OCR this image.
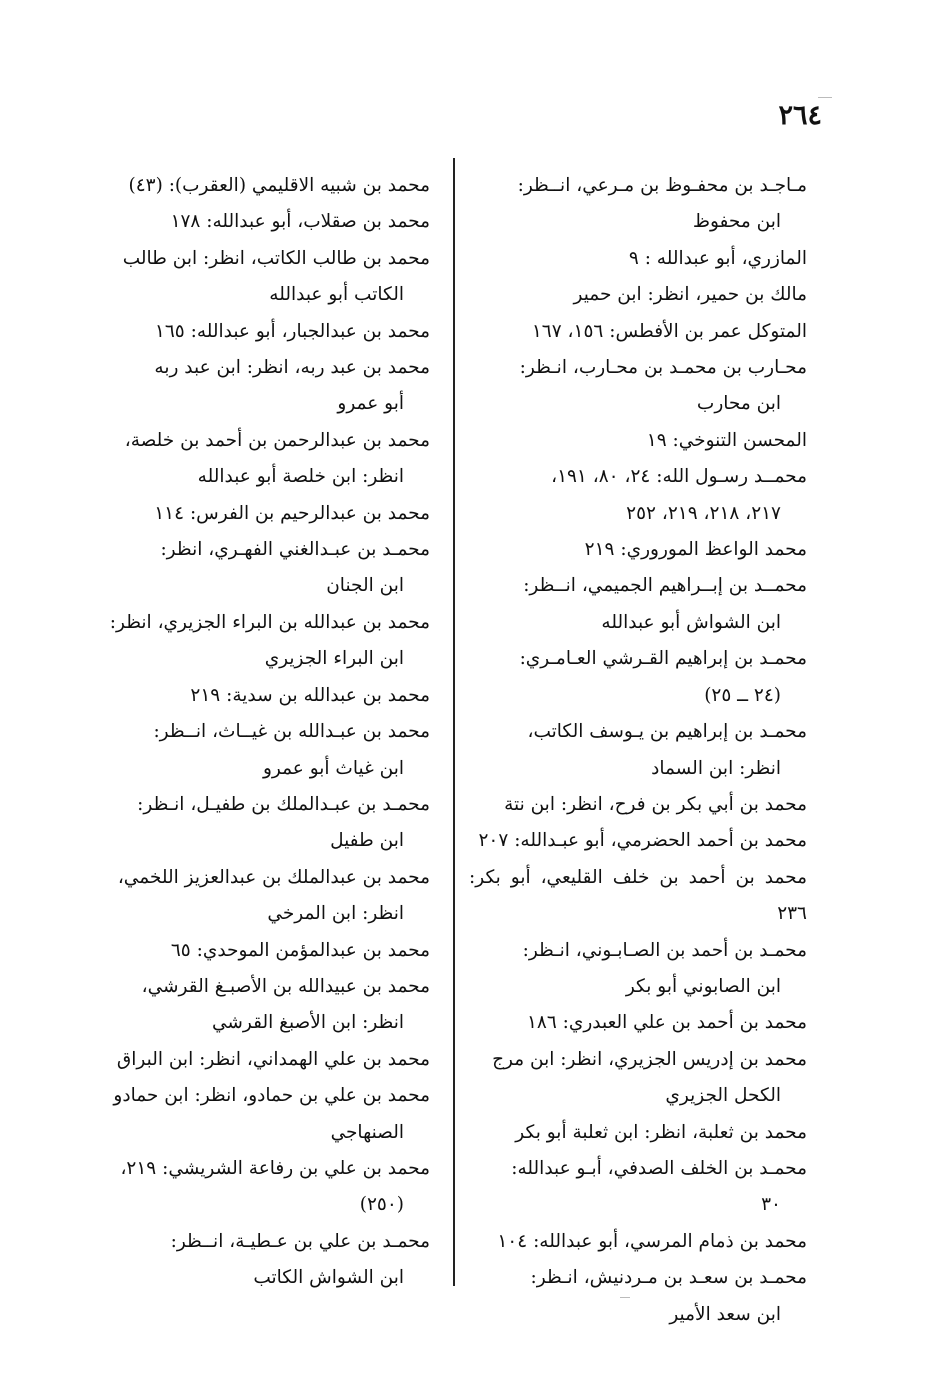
٢٦٤
مـاجـد بن محفـوظ بن مـرعي، انــظر:
ابن محفوظ
المازري، أبو عبدالله : ٩
مالك بن حمير، انظر: ابن حمير
المتوكل عمر بن الأفطس: ١٥٦، ١٦٧
محـارب بن محمـد بن محـارب، انـظر:
ابن محارب
المحسن التنوخي: ١٩
محمــد رسـول الله: ٢٤، ٨٠، ١٩١،
٢١٧، ٢١٨، ٢١٩، ٢٥٢
محمد الواعظ الموروري: ٢١٩
محمــد بن إبــراهيم الجميمي، انــظر:
ابن الشواش أبو عبدالله
محمـد بن إبراهيم القـرشي العـامـري:
(٢٤ ــ ٢٥)
محمـد بن إبراهيم بن يـوسف الكاتب،
انظر: ابن السماد
محمد بن أبي بكر بن فرح، انظر: ابن نتة
محمد بن أحمد الحضرمي، أبو عبـدالله: ٢٠٧
محمد بن أحمد بن خلف القليعي، أبو بكر: ٢٣٦
محمـد بن أحمد بن الصـابـوني، انـظر:
ابن الصابوني أبو بكر
محمد بن أحمد بن علي العبدري: ١٨٦
محمد بن إدريس الجزيري، انظر: ابن مرج
الكحل الجزيري
محمد بن ثعلبة، انظر: ابن ثعلبة أبو بكر
محمـد بن الخلف الصدفي، أبـو عبدالله:
٣٠
محمد بن ذمام المرسي، أبو عبدالله: ١٠٤
محمـد بن سعـد بن مـردنيش، انـظر:
ابن سعد الأمير
محمد بن شبيه الاقليمي (العقرب): (٤٣)
محمد بن صقلاب، أبو عبدالله: ١٧٨
محمد بن طالب الكاتب، انظر: ابن طالب
الكاتب أبو عبدالله
محمد بن عبدالجبار، أبو عبدالله: ١٦٥
محمد بن عبد ربه، انظر: ابن عبد ربه
أبو عمرو
محمد بن عبدالرحمن بن أحمد بن خلصة،
انظر: ابن خلصة أبو عبدالله
محمد بن عبدالرحيم بن الفرس: ١١٤
محمـد بن عبـدالغني الفهـري، انظر:
ابن الجنان
محمد بن عبدالله بن البراء الجزيري، انظر:
ابن البراء الجزيري
محمد بن عبدالله بن سدية: ٢١٩
محمد بن عبـدالله بن غيــاث، انــظر:
ابن غياث أبو عمرو
محمـد بن عبـدالملك بن طفيـل، انـظر:
ابن طفيل
محمد بن عبدالملك بن عبدالعزيز اللخمي،
انظر: ابن المرخي
محمد بن عبدالمؤمن الموحدي: ٦٥
محمد بن عبيدالله بن الأصبـغ القرشي،
انظر: ابن الأصبغ القرشي
محمد بن علي الهمداني، انظر: ابن البراق
محمد بن علي بن حمادو، انظر: ابن حمادو
الصنهاجي
محمد بن علي بن رفاعة الشريشي: ٢١٩،
(٢٥٠)
محمـد بن علي بن عـطيـة، انــظر:
ابن الشواش الكاتب
